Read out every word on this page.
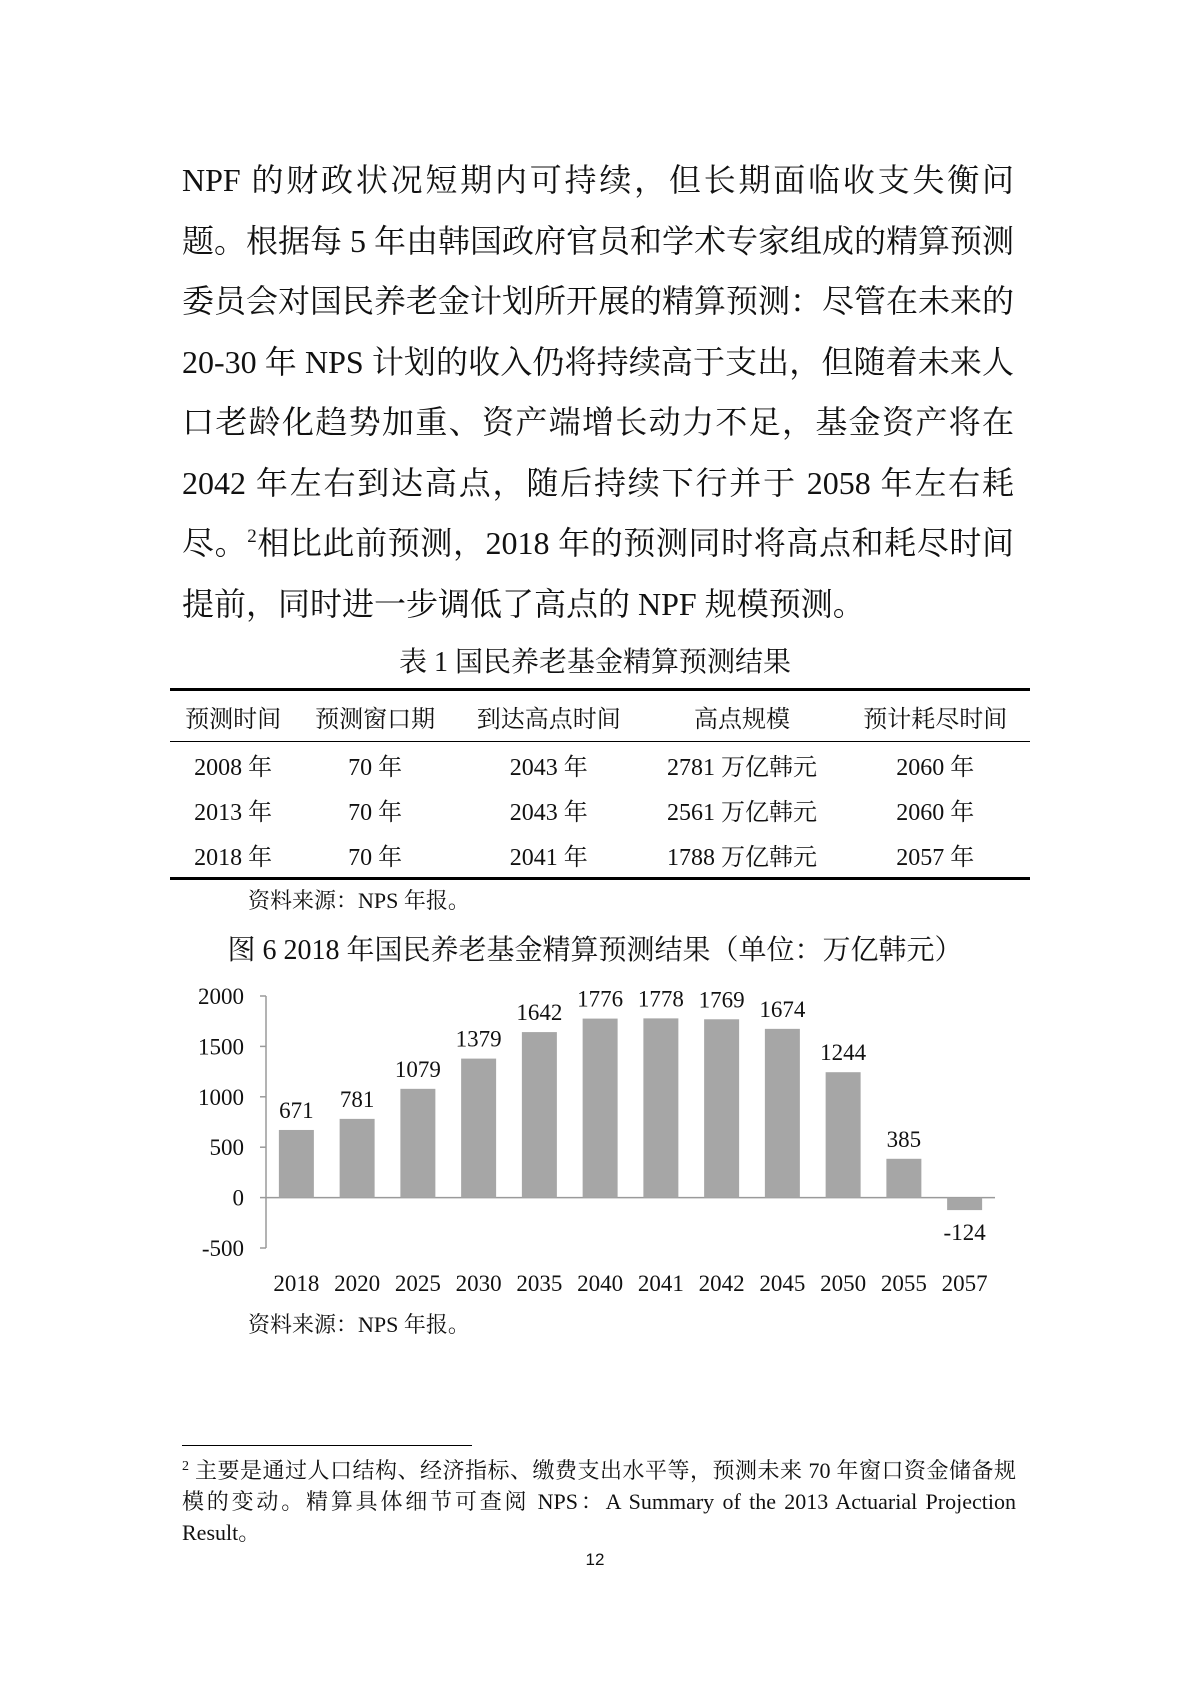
NPF 的财政状况短期内可持续，但长期面临收支失衡问题。根据每 5 年由韩国政府官员和学术专家组成的精算预测委员会对国民养老金计划所开展的精算预测：尽管在未来的 20-30 年 NPS 计划的收入仍将持续高于支出，但随着未来人口老龄化趋势加重、资产端增长动力不足，基金资产将在 2042 年左右到达高点，随后持续下行并于 2058 年左右耗尽。$^2$相比此前预测，2018 年的预测同时将高点和耗尽时间提前，同时进一步调低了高点的 NPF 规模预测。

表 1 国民养老基金精算预测结果
预测时间	预测窗口期	到达高点时间	高点规模	预计耗尽时间
2008 年	70 年	2043 年	2781 万亿韩元	2060 年
2013 年	70 年	2043 年	2561 万亿韩元	2060 年
2018 年	70 年	2041 年	1788 万亿韩元	2057 年
资料来源：NPS 年报。
图 6 2018 年国民养老基金精算预测结果（单位：万亿韩元）
2000
1500
1000
500
0
-500
671
2018
781
2020
1079
2025
1379
2030
1642
2035
1776
2040
1778
2041
1769
2042
1674
2045
1244
2050
385
2055
-124
2057
资料来源：NPS 年报。

$^2$ 主要是通过人口结构、经济指标、缴费支出水平等，预测未来 70 年窗口资金储备规模的变动。精算具体细节可查阅 NPS：A Summary of the 2013 Actuarial Projection Result。

12
